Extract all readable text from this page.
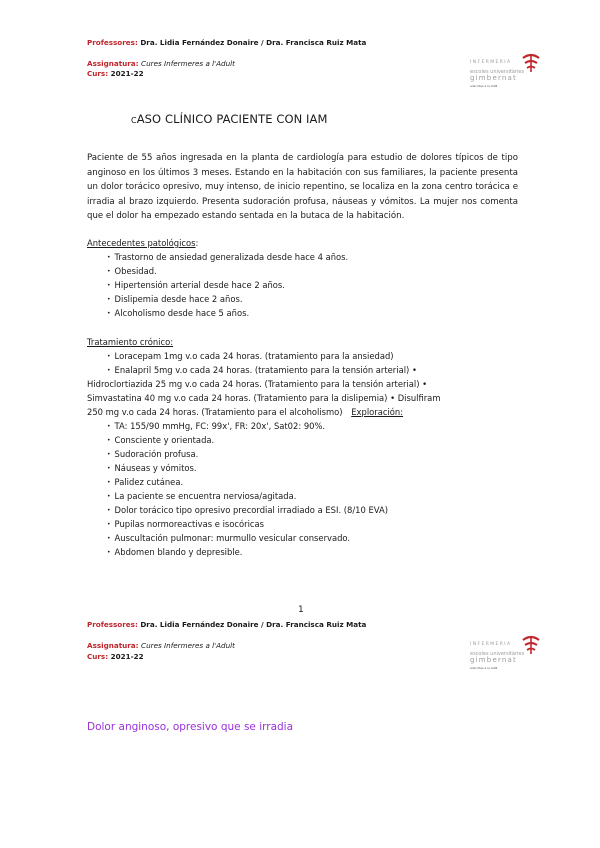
Professores: Dra. Lidia Fernández Donaire / Dra. Francisca Ruiz Mata
Assignatura: Cures Infermeres a l'Adult
Curs: 2021-22
INFERMERIA
escoles universitàries
gimbernat
adscrites a la UAB
CASO CLÍNICO PACIENTE CON IAM
Paciente de 55 años ingresada en la planta de cardiología para estudio de dolores típicos de tipo anginoso en los últimos 3 meses. Estando en la habitación con sus familiares, la paciente presenta un dolor torácico opresivo, muy intenso, de inicio repentino, se localiza en la zona centro torácica e irradia al brazo izquierdo. Presenta sudoración profusa, náuseas y vómitos. La mujer nos comenta que el dolor ha empezado estando sentada en la butaca de la habitación.
Antecedentes patológicos:
• Trastorno de ansiedad generalizada desde hace 4 años.
• Obesidad.
• Hipertensión arterial desde hace 2 años.
• Dislipemia desde hace 2 años.
• Alcoholismo desde hace 5 años.
Tratamiento crónico:
• Loracepam 1mg v.o cada 24 horas. (tratamiento para la ansiedad)
• Enalapril 5mg v.o cada 24 horas. (tratamiento para la tensión arterial) •
Hidroclortiazida 25 mg v.o cada 24 horas. (Tratamiento para la tensión arterial) •
Simvastatina 40 mg v.o cada 24 horas. (Tratamiento para la dislipemia) • Disulfiram
250 mg v.o cada 24 horas. (Tratamiento para el alcoholismo) Exploración:
• TA: 155/90 mmHg, FC: 99x', FR: 20x', Sat02: 90%.
• Consciente y orientada.
• Sudoración profusa.
• Náuseas y vómitos.
• Palidez cutánea.
• La paciente se encuentra nerviosa/agitada.
• Dolor torácico tipo opresivo precordial irradiado a ESI. (8/10 EVA)
• Pupilas normoreactivas e isocóricas
• Auscultación pulmonar: murmullo vesicular conservado.
• Abdomen blando y depresible.
1
Professores: Dra. Lidia Fernández Donaire / Dra. Francisca Ruiz Mata
Assignatura: Cures Infermeres a l'Adult
Curs: 2021-22
INFERMERIA
escoles universitàries
gimbernat
adscrites a la UAB
Dolor anginoso, opresivo que se irradia
